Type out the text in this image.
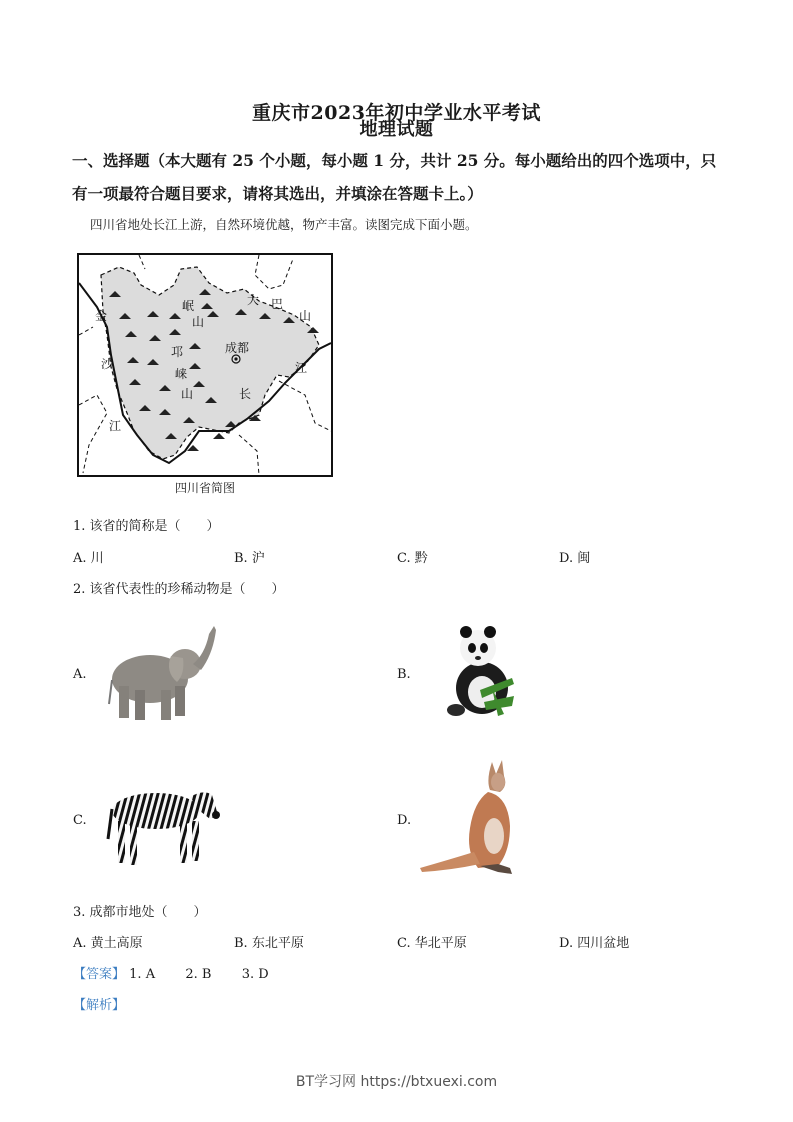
重庆市2023年初中学业水平考试
地理试题
一、选择题（本大题有 25 个小题，每小题 1 分，共计 25 分。每小题给出的四个选项中，只
有一项最符合题目要求，请将其选出，并填涂在答题卡上。）
四川省地处长江上游，自然环境优越，物产丰富。读图完成下面小题。
岷
山
大 巴
山
金
沙
江
邛
崃
山
成都
长
江
四川省简图
1. 该省的简称是（　　）
A. 川	B. 沪	C. 黔	D. 闽
2. 该省代表性的珍稀动物是（　　）
A.	B.
C.	D.
3. 成都市地处（　　）
A. 黄土高原	B. 东北平原	C. 华北平原	D. 四川盆地
【答案】 1. A 2. B 3. D
【解析】
BT学习网 https://btxuexi.com
